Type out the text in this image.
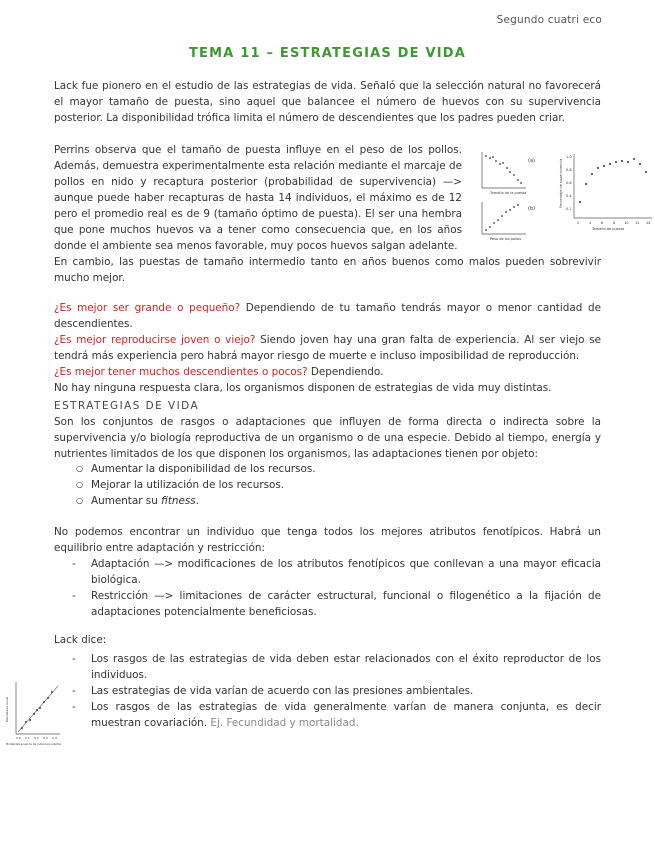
Segundo cuatri eco
TEMA 11 – ESTRATEGIAS DE VIDA

Lack fue pionero en el estudio de las estrategias de vida. Señaló que la selección natural no favorecerá el mayor tamaño de puesta, sino aquel que balancee el número de huevos con su supervivencia posterior. La disponibilidad trófica limita el número de descendientes que los padres pueden criar.

Perrins observa que el tamaño de puesta influye en el peso de los pollos. Además, demuestra experimentalmente esta relación mediante el marcaje de pollos en nido y recaptura posterior (probabilidad de supervivencia) —> aunque puede haber recapturas de hasta 14 individuos, el máximo es de 12 pero el promedio real es de 9 (tamaño óptimo de puesta). El ser una hembra que pone muchos huevos va a tener como consecuencia que, en los años donde el ambiente sea menos favorable, muy pocos huevos salgan adelante.

En cambio, las puestas de tamaño intermedio tanto en años buenos como malos pueden sobrevivir mucho mejor.

(a)
Tamaño de la puesta
(b)
Peso de los pollos
1.0
0.8
0.6
0.4
0.2
2	4	6	8	10 12 14
Tamaño de puesta
Porcentaje de supervivencia
¿Es mejor ser grande o pequeño? Dependiendo de tu tamaño tendrás mayor o menor cantidad de descendientes.
¿Es mejor reproducirse joven o viejo? Siendo joven hay una gran falta de experiencia. Al ser viejo se tendrá más experiencia pero habrá mayor riesgo de muerte e incluso imposibilidad de reproducción.
¿Es mejor tener muchos descendientes o pocos? Dependiendo.
No hay ninguna respuesta clara, los organismos disponen de estrategias de vida muy distintas.
ESTRATEGIAS DE VIDA

Son los conjuntos de rasgos o adaptaciones que influyen de forma directa o indirecta sobre la supervivencia y/o biología reproductiva de un organismo o de una especie. Debido al tiempo, energía y nutrientes limitados de los que disponen los organismos, las adaptaciones tienen por objeto:

○ Aumentar la disponibilidad de los recursos.
○ Mejorar la utilización de los recursos.
○ Aumentar su fitness.

No podemos encontrar un individuo que tenga todos los mejores atributos fenotípicos. Habrá un equilibrio entre adaptación y restricción:

- Adaptación —> modificaciones de los atributos fenotípicos que conllevan a una mayor eficacia biológica.
- Restricción —> limitaciones de carácter estructural, funcional o filogenético a la fijación de adaptaciones potencialmente beneficiosas.
Lack dice:
- Los rasgos de las estrategias de vida deben estar relacionados con el éxito reproductor de los individuos.
- Las estrategias de vida varían de acuerdo con las presiones ambientales.
- Los rasgos de las estrategias de vida generalmente varían de manera conjunta, es decir muestran covariación. Ej. Fecundidad y mortalidad.
0.0 0.1 0.2 0.3 0.4
Mortalidad anual
Mortalidad anual de los individuos adultos
